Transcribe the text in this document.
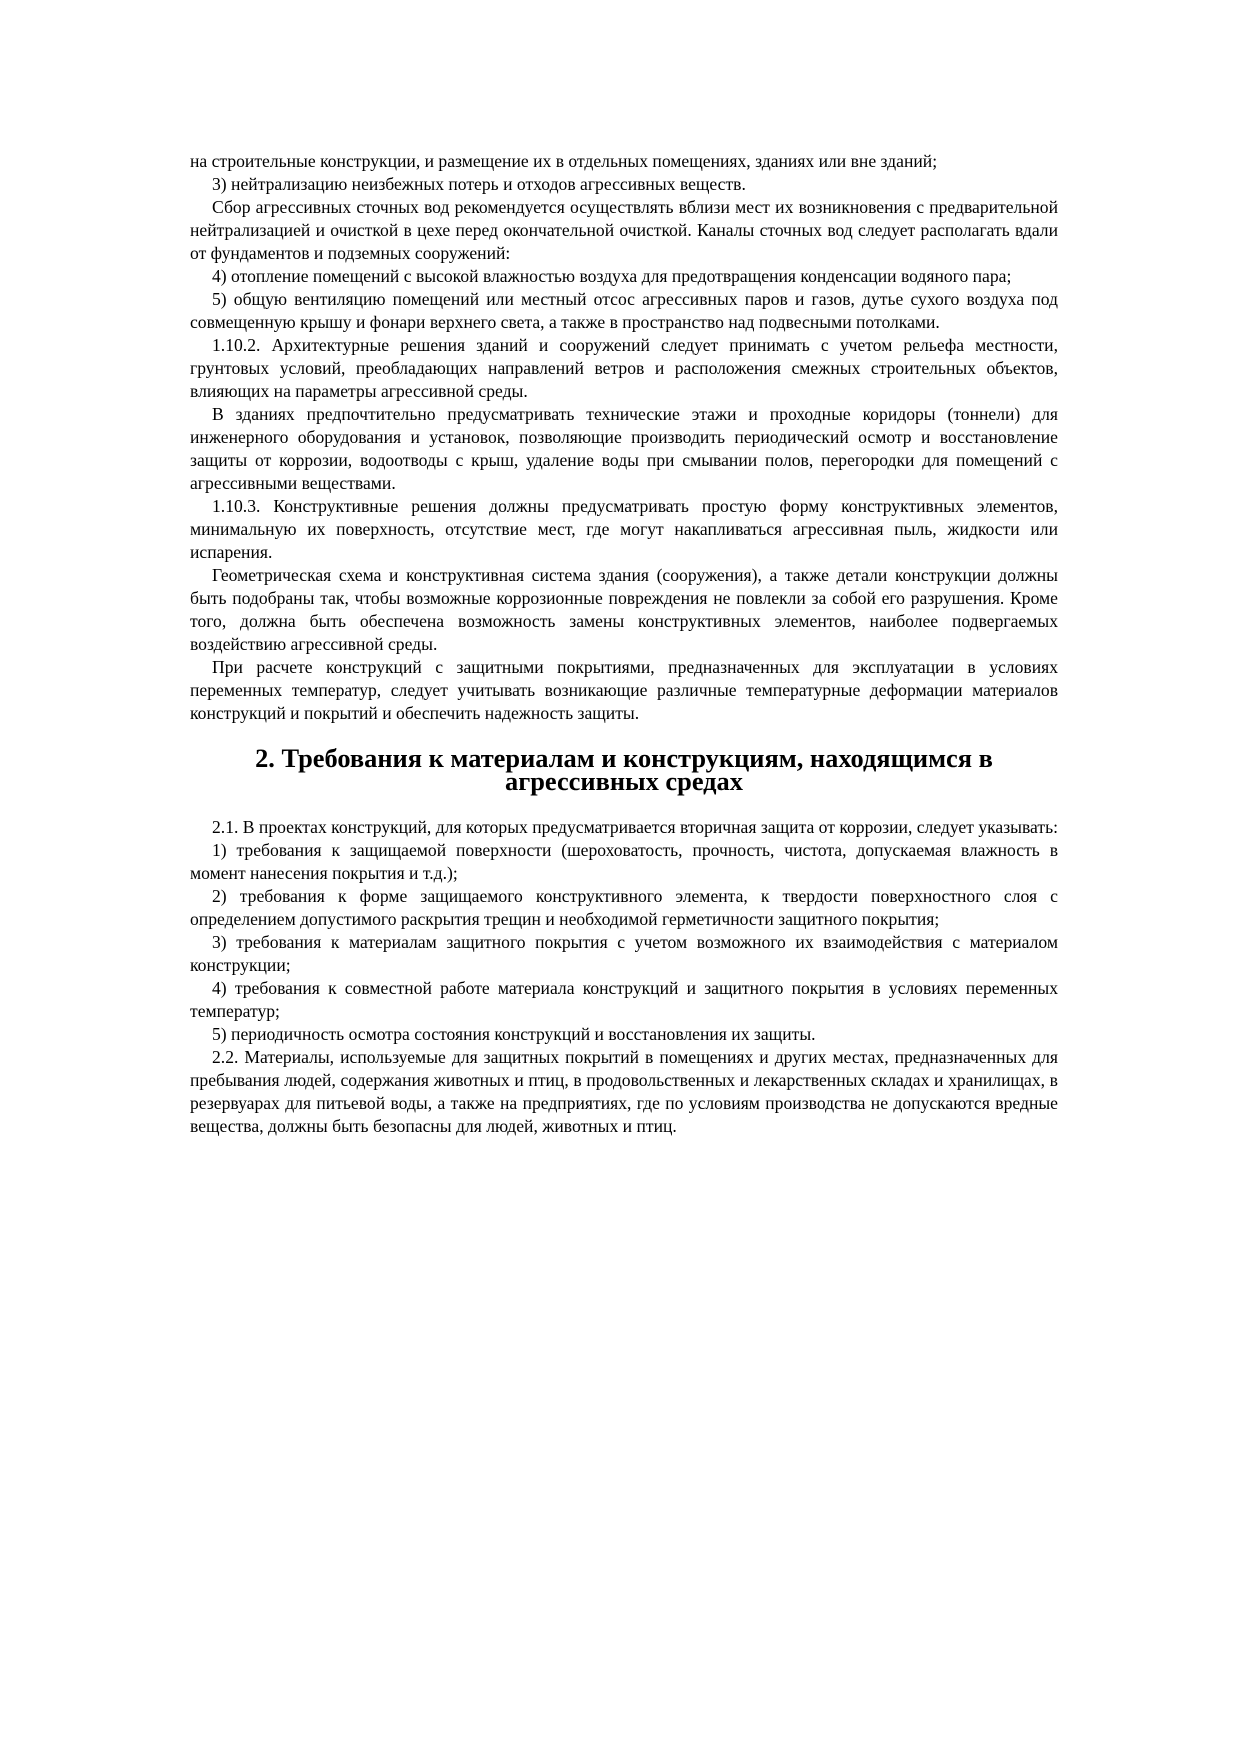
на строительные конструкции, и размещение их в отдельных помещениях, зданиях или вне зданий;

3) нейтрализацию неизбежных потерь и отходов агрессивных веществ.

Сбор агрессивных сточных вод рекомендуется осуществлять вблизи мест их возникновения с предварительной нейтрализацией и очисткой в цехе перед окончательной очисткой. Каналы сточных вод следует располагать вдали от фундаментов и подземных сооружений:

4) отопление помещений с высокой влажностью воздуха для предотвращения конденсации водяного пара;

5) общую вентиляцию помещений или местный отсос агрессивных паров и газов, дутье сухого воздуха под совмещенную крышу и фонари верхнего света, а также в пространство над подвесными потолками.

1.10.2. Архитектурные решения зданий и сооружений следует принимать с учетом рельефа местности, грунтовых условий, преобладающих направлений ветров и расположения смежных строительных объектов, влияющих на параметры агрессивной среды.

В зданиях предпочтительно предусматривать технические этажи и проходные коридоры (тоннели) для инженерного оборудования и установок, позволяющие производить периодический осмотр и восстановление защиты от коррозии, водоотводы с крыш, удаление воды при смывании полов, перегородки для помещений с агрессивными веществами.

1.10.3. Конструктивные решения должны предусматривать простую форму конструктивных элементов, минимальную их поверхность, отсутствие мест, где могут накапливаться агрессивная пыль, жидкости или испарения.

Геометрическая схема и конструктивная система здания (сооружения), а также детали конструкции должны быть подобраны так, чтобы возможные коррозионные повреждения не повлекли за собой его разрушения. Кроме того, должна быть обеспечена возможность замены конструктивных элементов, наиболее подвергаемых воздействию агрессивной среды.

При расчете конструкций с защитными покрытиями, предназначенных для эксплуатации в условиях переменных температур, следует учитывать возникающие различные температурные деформации материалов конструкций и покрытий и обеспечить надежность защиты.

2. Требования к материалам и конструкциям, находящимся в агрессивных средах

2.1. В проектах конструкций, для которых предусматривается вторичная защита от коррозии, следует указывать:

1) требования к защищаемой поверхности (шероховатость, прочность, чистота, допускаемая влажность в момент нанесения покрытия и т.д.);

2) требования к форме защищаемого конструктивного элемента, к твердости поверхностного слоя с определением допустимого раскрытия трещин и необходимой герметичности защитного покрытия;

3) требования к материалам защитного покрытия с учетом возможного их взаимодействия с материалом конструкции;

4) требования к совместной работе материала конструкций и защитного покрытия в условиях переменных температур;

5) периодичность осмотра состояния конструкций и восстановления их защиты.

2.2. Материалы, используемые для защитных покрытий в помещениях и других местах, предназначенных для пребывания людей, содержания животных и птиц, в продовольственных и лекарственных складах и хранилищах, в резервуарах для питьевой воды, а также на предприятиях, где по условиям производства не допускаются вредные вещества, должны быть безопасны для людей, животных и птиц.
